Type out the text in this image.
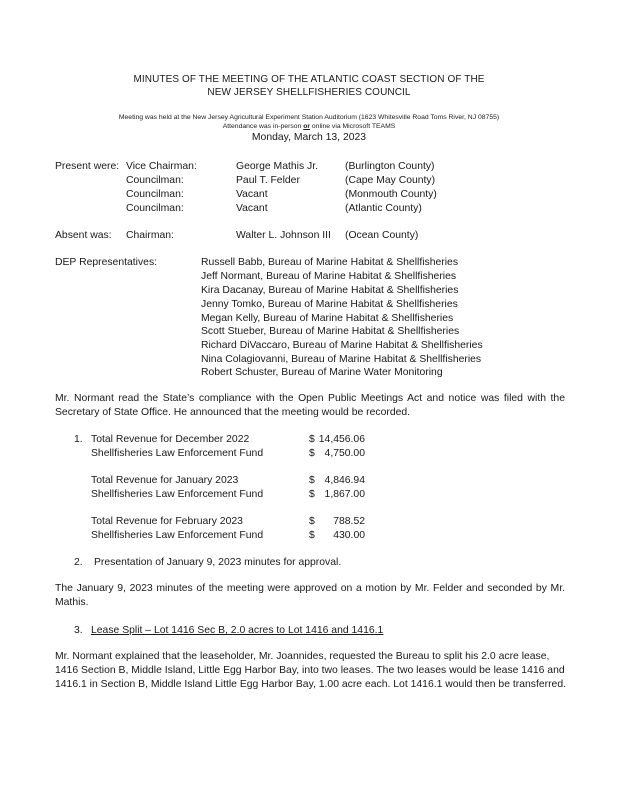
MINUTES OF THE MEETING OF THE ATLANTIC COAST SECTION OF THE
NEW JERSEY SHELLFISHERIES COUNCIL
Meeting was held at the New Jersey Agricultural Experiment Station Auditorium (1623 Whitesville Road Toms River, NJ 08755)
Attendance was in-person or online via Microsoft TEAMS
Monday, March 13, 2023
Present were: Vice Chairman:	George Mathis Jr.	(Burlington County)
Councilman:	Paul T. Felder	(Cape May County)
Councilman:	Vacant	(Monmouth County)
Councilman:	Vacant	(Atlantic County)
Absent was: Chairman:	Walter L. Johnson III (Ocean County)
DEP Representatives:	Russell Babb, Bureau of Marine Habitat & Shellfisheries
Jeff Normant, Bureau of Marine Habitat & Shellfisheries
Kira Dacanay, Bureau of Marine Habitat & Shellfisheries
Jenny Tomko, Bureau of Marine Habitat & Shellfisheries
Megan Kelly, Bureau of Marine Habitat & Shellfisheries
Scott Stueber, Bureau of Marine Habitat & Shellfisheries
Richard DiVaccaro, Bureau of Marine Habitat & Shellfisheries
Nina Colagiovanni, Bureau of Marine Habitat & Shellfisheries
Robert Schuster, Bureau of Marine Water Monitoring
Mr. Normant read the State’s compliance with the Open Public Meetings Act and notice was filed with the Secretary of State Office. He announced that the meeting would be recorded.
1. Total Revenue for December 2022	$ 14,456.06
Shellfisheries Law Enforcement Fund	$ 4,750.00
Total Revenue for January 2023	$ 4,846.94
Shellfisheries Law Enforcement Fund	$ 1,867.00
Total Revenue for February 2023	$	788.52
Shellfisheries Law Enforcement Fund	$	430.00
2. Presentation of January 9, 2023 minutes for approval.
The January 9, 2023 minutes of the meeting were approved on a motion by Mr. Felder and seconded by Mr. Mathis.
3. Lease Split – Lot 1416 Sec B, 2.0 acres to Lot 1416 and 1416.1
Mr. Normant explained that the leaseholder, Mr. Joannides, requested the Bureau to split his 2.0 acre lease, 1416 Section B, Middle Island, Little Egg Harbor Bay, into two leases. The two leases would be lease 1416 and 1416.1 in Section B, Middle Island Little Egg Harbor Bay, 1.00 acre each. Lot 1416.1 would then be transferred.
